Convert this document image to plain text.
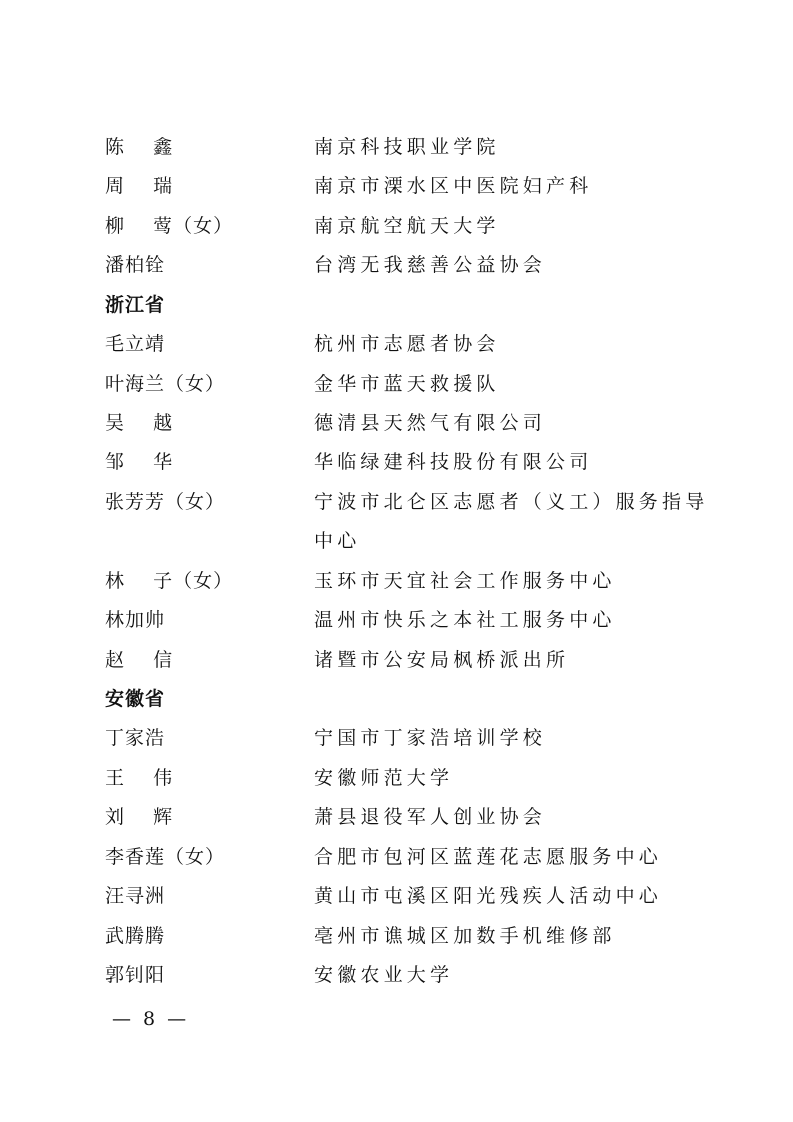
陈    鑫	南京科技职业学院
周    瑞	南京市溧水区中医院妇产科
柳    莺（女）	南京航空航天大学
潘柏铨	台湾无我慈善公益协会
浙江省
毛立靖	杭州市志愿者协会
叶海兰（女）	金华市蓝天救援队
吴    越	德清县天然气有限公司
邹    华	华临绿建科技股份有限公司
张芳芳（女）	宁波市北仑区志愿者（义工）服务指导
中心
林    子（女）	玉环市天宜社会工作服务中心
林加帅	温州市快乐之本社工服务中心
赵    信	诸暨市公安局枫桥派出所
安徽省
丁家浩	宁国市丁家浩培训学校
王    伟	安徽师范大学
刘    辉	萧县退役军人创业协会
李香莲（女）	合肥市包河区蓝莲花志愿服务中心
汪寻洲	黄山市屯溪区阳光残疾人活动中心
武腾腾	亳州市谯城区加数手机维修部
郭钊阳	安徽农业大学
— 8 —
